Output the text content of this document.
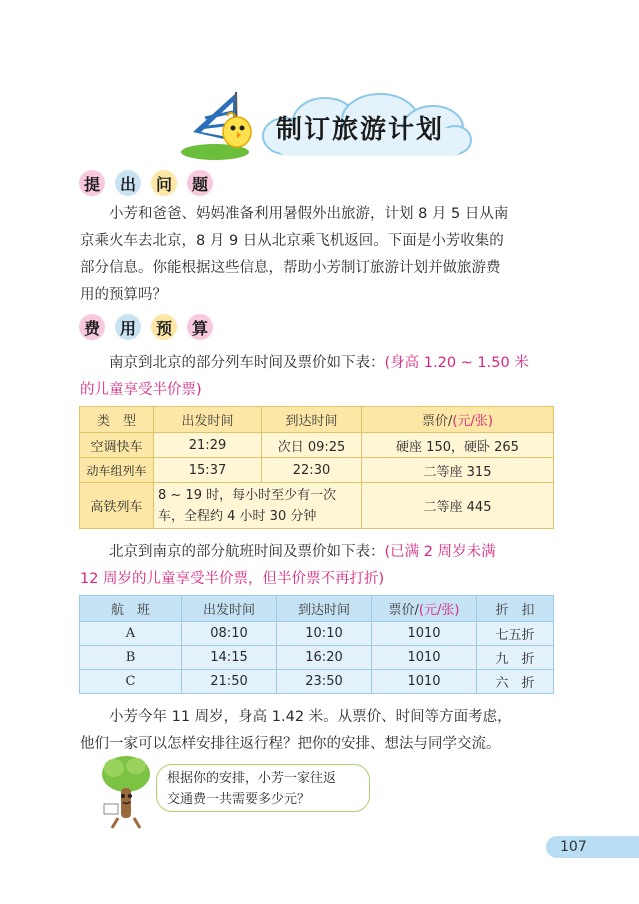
制订旅游计划
提	出	问	题
小芳和爸爸、妈妈准备利用暑假外出旅游，计划 8 月 5 日从南
京乘火车去北京，8 月 9 日从北京乘飞机返回。下面是小芳收集的
部分信息。你能根据这些信息，帮助小芳制订旅游计划并做旅游费
用的预算吗？
费	用	预	算
南京到北京的部分列车时间及票价如下表：(身高 1.20 ~ 1.50 米
的儿童享受半价票)
类　型	出发时间	到达时间	票价/(元/张)
空调快车	21:29	次日 09:25	硬座 150，硬卧 265
动车组列车	15:37	22:30	二等座 315
高铁列车	8 ~ 19 时，每小时至少有一次
车，全程约 4 小时 30 分钟		二等座 445
北京到南京的部分航班时间及票价如下表：(已满 2 周岁未满
12 周岁的儿童享受半价票，但半价票不再打折)
航　班	出发时间	到达时间	票价/(元/张)	折　扣
A	08:10	10:10	1010	七五折
B	14:15	16:20	1010	九　折
C	21:50	23:50	1010	六　折
小芳今年 11 周岁，身高 1.42 米。从票价、时间等方面考虑，
他们一家可以怎样安排往返行程？把你的安排、想法与同学交流。
根据你的安排，小芳一家往返
交通费一共需要多少元？
107
